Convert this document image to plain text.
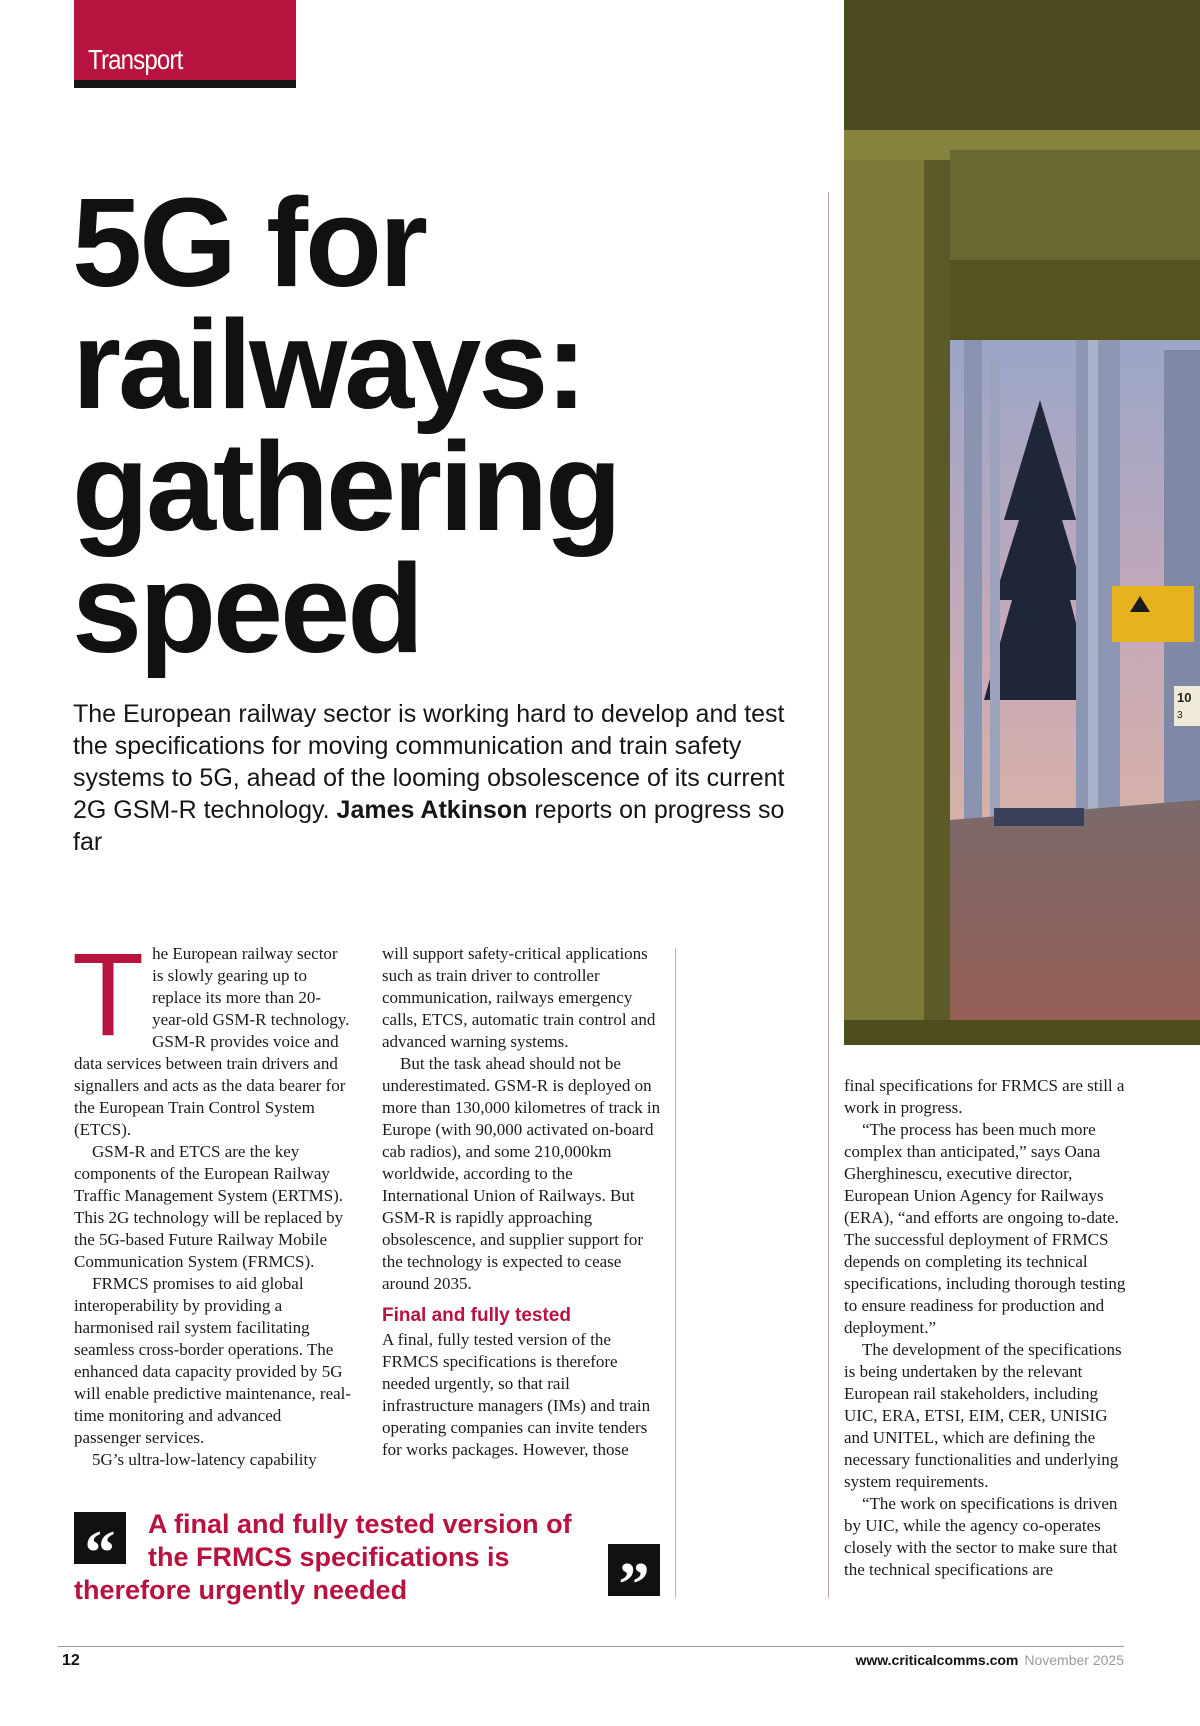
Transport
5G for
railways:
gathering
speed

The European railway sector is working hard to develop and test the specifications for moving communication and train safety systems to 5G, ahead of the looming obsolescence of its current 2G GSM-R technology. James Atkinson reports on progress so far

10
3
T he European railway sector is slowly gearing up to replace its more than 20-year-old GSM-R technology. GSM-R provides voice and data services between train drivers and signallers and acts as the data bearer for the European Train Control System (ETCS).

GSM-R and ETCS are the key components of the European Railway Traffic Management System (ERTMS). This 2G technology will be replaced by the 5G-based Future Railway Mobile Communication System (FRMCS).

FRMCS promises to aid global interoperability by providing a harmonised rail system facilitating seamless cross-border operations. The enhanced data capacity provided by 5G will enable predictive maintenance, real-time monitoring and advanced passenger services.

5G’s ultra-low-latency capability

will support safety-critical applications such as train driver to controller communication, railways emergency calls, ETCS, automatic train control and advanced warning systems.

But the task ahead should not be underestimated. GSM-R is deployed on more than 130,000 kilometres of track in Europe (with 90,000 activated on-board cab radios), and some 210,000km worldwide, according to the International Union of Railways. But GSM-R is rapidly approaching obsolescence, and supplier support for the technology is expected to cease around 2035.

Final and fully tested

A final, fully tested version of the FRMCS specifications is therefore needed urgently, so that rail infrastructure managers (IMs) and train operating companies can invite tenders for works packages. However, those

final specifications for FRMCS are still a work in progress.

“The process has been much more complex than anticipated,” says Oana Gherghinescu, executive director, European Union Agency for Railways (ERA), “and efforts are ongoing to-date. The successful deployment of FRMCS depends on completing its technical specifications, including thorough testing to ensure readiness for production and deployment.”

The development of the specifications is being undertaken by the relevant European rail stakeholders, including UIC, ERA, ETSI, EIM, CER, UNISIG and UNITEL, which are defining the necessary functionalities and underlying system requirements.

“The work on specifications is driven by UIC, while the agency co-operates closely with the sector to make sure that the technical specifications are

“	A final and fully tested version of
the FRMCS specifications is
therefore urgently needed	”
12	www.criticalcomms.com November 2025
